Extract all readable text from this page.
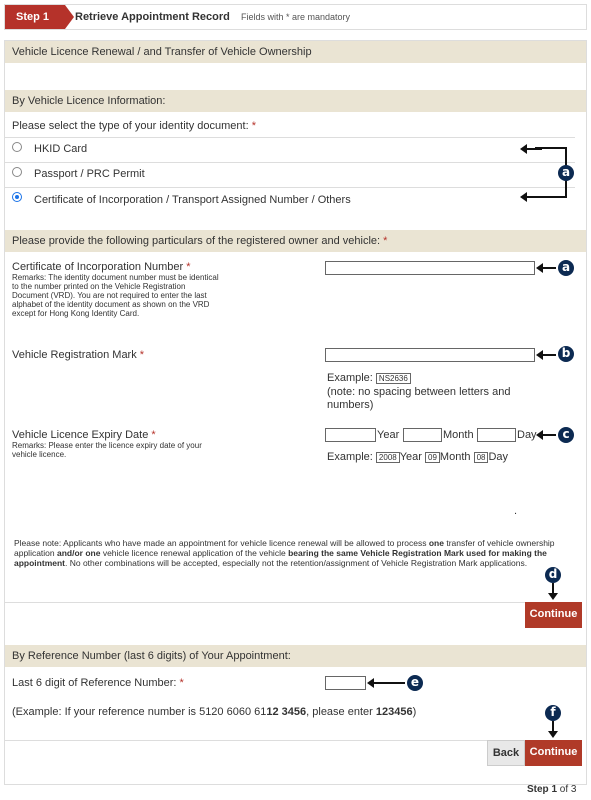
Step 1	Retrieve Appointment Record Fields with * are mandatory
Vehicle Licence Renewal / and Transfer of Vehicle Ownership
By Vehicle Licence Information:
Please select the type of your identity document: *
HKID Card
Passport / PRC Permit
Certificate of Incorporation / Transport Assigned Number / Others
a
Please provide the following particulars of the registered owner and vehicle: *
Certificate of Incorporation Number *
Remarks: The identity document number must be identical
to the number printed on the Vehicle Registration
Document (VRD). You are not required to enter the last
alphabet of the identity document as shown on the VRD
except for Hong Kong Identity Card.
a
Vehicle Registration Mark *	b
Example: NS2636
(note: no spacing between letters and
numbers)
Vehicle Licence Expiry Date *
Remarks: Please enter the licence expiry date of your
vehicle licence.
Year	Month	Day	c
Example: 2008 Year 09 Month 08 Day
.
Please note: Applicants who have made an appointment for vehicle licence renewal will be allowed to process one transfer of vehicle ownership application and/or one vehicle licence renewal application of the vehicle bearing the same Vehicle Registration Mark used for making the appointment. No other combinations will be accepted, especially not the retention/assignment of Vehicle Registration Mark applications.
Continue
d
By Reference Number (last 6 digits) of Your Appointment:
Last 6 digit of Reference Number: *	e
(Example: If your reference number is 5120 6060 6112 3456, please enter 123456)
Back Continue
f
Step 1 of 3
